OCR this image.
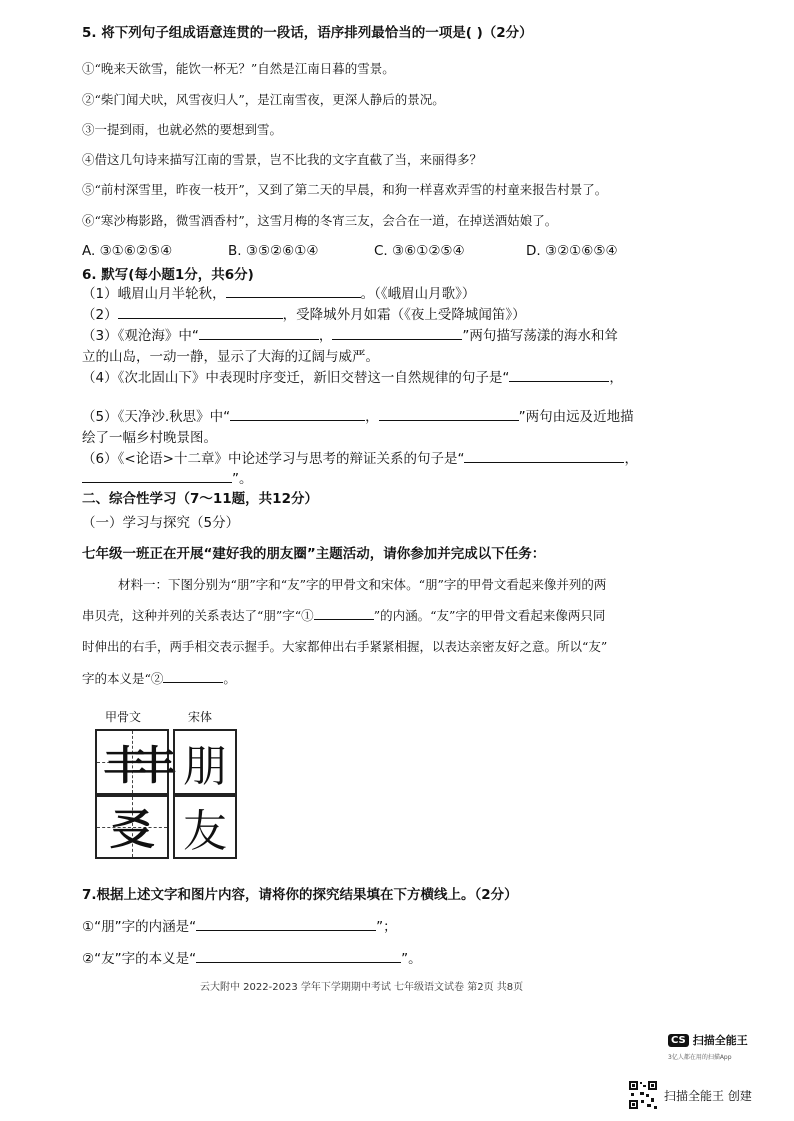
5. 将下列句子组成语意连贯的一段话，语序排列最恰当的一项是( )（2分）
①“晚来天欲雪，能饮一杯无？”自然是江南日暮的雪景。
②“柴门闻犬吠，风雪夜归人”，是江南雪夜，更深人静后的景况。
③一提到雨，也就必然的要想到雪。
④借这几句诗来描写江南的雪景，岂不比我的文字直截了当，来丽得多？
⑤“前村深雪里，昨夜一枝开”，又到了第二天的早晨，和狗一样喜欢弄雪的村童来报告村景了。
⑥“寒沙梅影路，微雪酒香村”，这雪月梅的冬宵三友，会合在一道，在掉送酒姑娘了。
A. ③①⑥②⑤④	B. ③⑤②⑥①④	C. ③⑥①②⑤④	D. ③②①⑥⑤④
6. 默写(每小题1分，共6分)
（1）峨眉山月半轮秋，	。（《峨眉山月歌》）
（2）	，受降城外月如霜（《夜上受降城闻笛》）
（3）《观沧海》中“	，	”两句描写荡漾的海水和耸
立的山岛，一动一静，显示了大海的辽阔与威严。
（4）《次北固山下》中表现时序变迁，新旧交替这一自然规律的句子是“	，
（5）《天净沙.秋思》中“	，	”两句由远及近地描
绘了一幅乡村晚景图。
（6）《<论语>十二章》中论述学习与思考的辩证关系的句子是“	，
”。
二、综合性学习（7～11题，共12分）
（一）学习与探究（5分）
七年级一班正在开展“建好我的朋友圈”主题活动，请你参加并完成以下任务：
材料一：下图分别为“朋”字和“友”字的甲骨文和宋体。“朋”字的甲骨文看起来像并列的两
串贝壳，这种并列的关系表达了“朋”字“①	”的内涵。“友”字的甲骨文看起来像两只同
时伸出的右手，两手相交表示握手。大家都伸出右手紧紧相握，以表达亲密友好之意。所以“友”
字的本义是“②	。
甲骨文	宋体
丰丰 朋
㕛 友
7.根据上述文字和图片内容，请将你的探究结果填在下方横线上。（2分）
①“朋”字的内涵是“	”；
②“友”字的本义是“	”。
云大附中 2022-2023 学年下学期期中考试 七年级语文试卷 第2页 共8页
CS 扫描全能王
3亿人都在用的扫描App
扫描全能王 创建
